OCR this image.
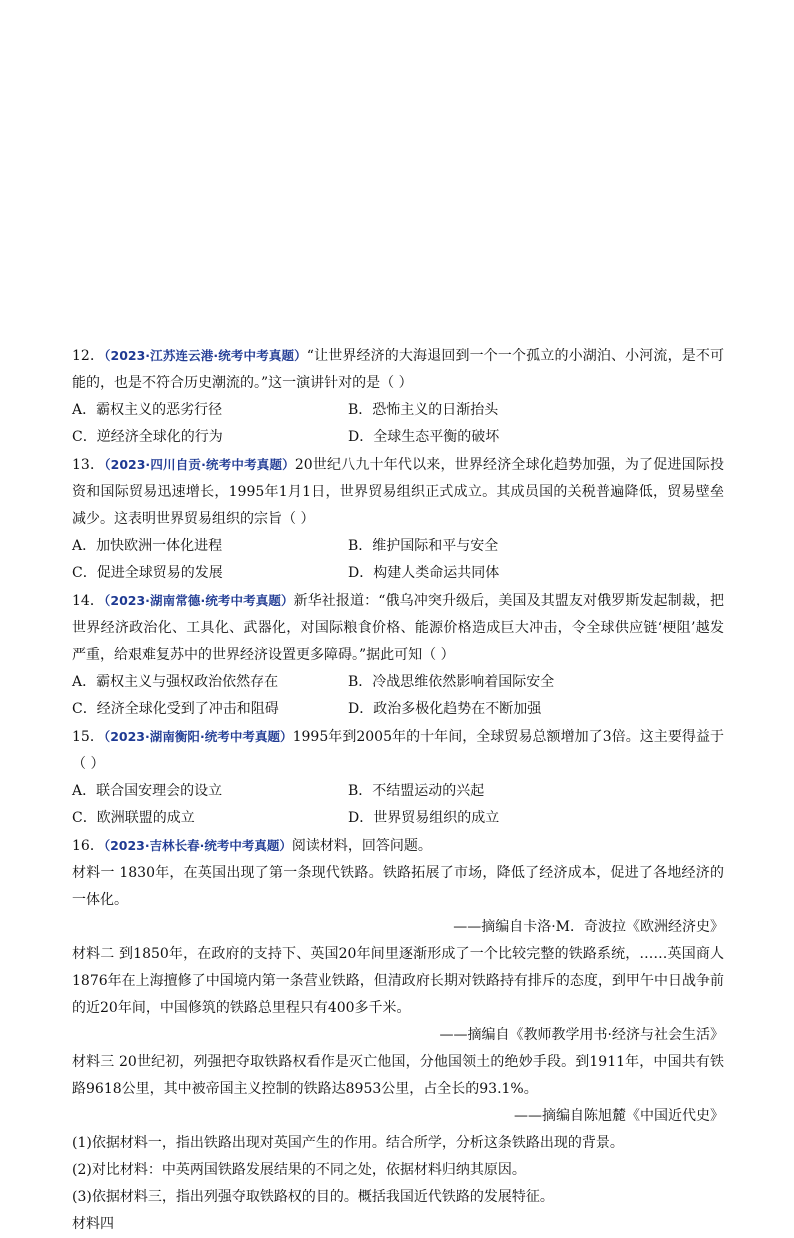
12．（2023·江苏连云港·统考中考真题）“让世界经济的大海退回到一个一个孤立的小湖泊、小河流，是不可能的，也是不符合历史潮流的。”这一演讲针对的是（ ）
A．霸权主义的恶劣行径	B．恐怖主义的日渐抬头
C．逆经济全球化的行为	D．全球生态平衡的破坏
13．（2023·四川自贡·统考中考真题）20世纪八九十年代以来，世界经济全球化趋势加强，为了促进国际投资和国际贸易迅速增长，1995年1月1日，世界贸易组织正式成立。其成员国的关税普遍降低，贸易壁垒减少。这表明世界贸易组织的宗旨（ ）
A．加快欧洲一体化进程	B．维护国际和平与安全
C．促进全球贸易的发展	D．构建人类命运共同体
14．（2023·湖南常德·统考中考真题）新华社报道：“俄乌冲突升级后，美国及其盟友对俄罗斯发起制裁，把世界经济政治化、工具化、武器化，对国际粮食价格、能源价格造成巨大冲击，令全球供应链‘梗阻’越发严重，给艰难复苏中的世界经济设置更多障碍。”据此可知（ ）
A．霸权主义与强权政治依然存在	B．冷战思维依然影响着国际安全
C．经济全球化受到了冲击和阻碍	D．政治多极化趋势在不断加强
15．（2023·湖南衡阳·统考中考真题）1995年到2005年的十年间，全球贸易总额增加了3倍。这主要得益于（ ）
A．联合国安理会的设立	B．不结盟运动的兴起
C．欧洲联盟的成立	D．世界贸易组织的成立
16．（2023·吉林长春·统考中考真题）阅读材料，回答问题。
材料一 1830年，在英国出现了第一条现代铁路。铁路拓展了市场，降低了经济成本，促进了各地经济的一体化。
——摘编自卡洛·M．奇波拉《欧洲经济史》
材料二 到1850年，在政府的支持下、英国20年间里逐渐形成了一个比较完整的铁路系统，……英国商人1876年在上海擅修了中国境内第一条营业铁路，但清政府长期对铁路持有排斥的态度，到甲午中日战争前的近20年间，中国修筑的铁路总里程只有400多千米。
——摘编自《教师教学用书·经济与社会生活》
材料三 20世纪初，列强把夺取铁路权看作是灭亡他国，分他国领土的绝妙手段。到1911年，中国共有铁路9618公里，其中被帝国主义控制的铁路达8953公里，占全长的93.1%。
——摘编自陈旭麓《中国近代史》
(1)依据材料一，指出铁路出现对英国产生的作用。结合所学，分析这条铁路出现的背景。
(2)对比材料：中英两国铁路发展结果的不同之处，依据材料归纳其原因。
(3)依据材料三，指出列强夺取铁路权的目的。概括我国近代铁路的发展特征。
材料四
